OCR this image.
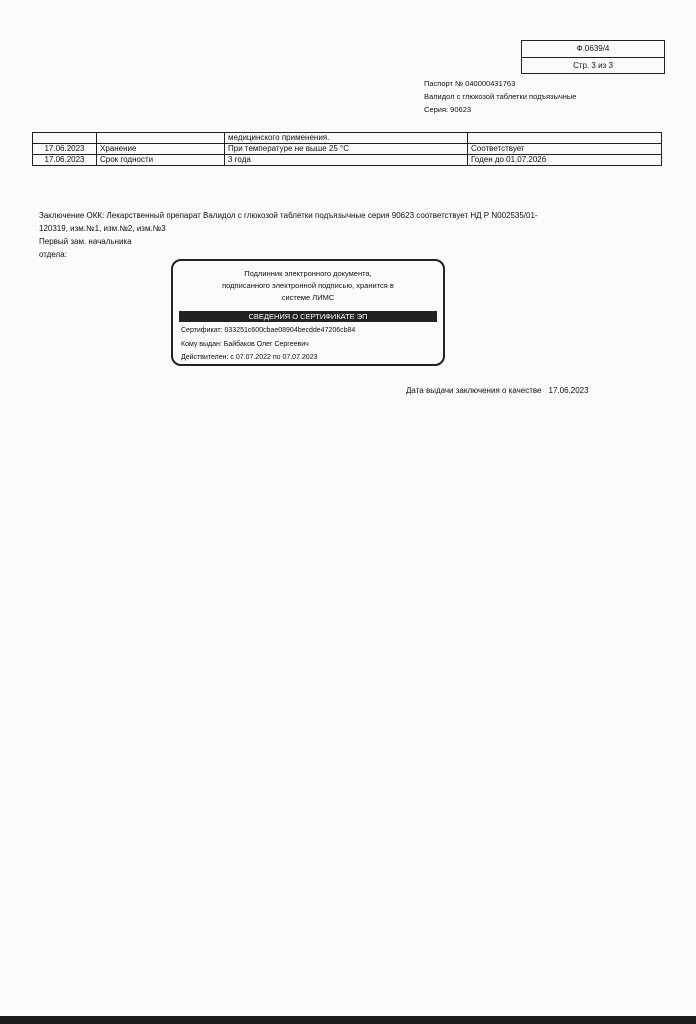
Ф.0639/4
Стр. 3 из 3
Паспорт № 040000431763
Валидол с глюкозой таблетки подъязычные
Серия: 90623
		медицинского применения.	
17.06.2023	Хранение	При температуре не выше 25 °С	Соответствует
17.06.2023	Срок годности	3 года	Годен до 01.07.2026
Заключение ОКК: Лекарственный препарат Валидол с глюкозой таблетки подъязычные серия 90623 соответствует НД Р N002535/01-120319, изм.№1, изм.№2, изм.№3
Первый зам. начальника
отдела:
Подлинник электронного документа,
подписанного электронной подписью, хранится в
системе ЛИМС
СВЕДЕНИЯ О СЕРТИФИКАТЕ ЭП
Сертификат: 033251c600cbae08904becdde47206cb84
Кому выдан: Байбаков Олег Сергеевич
Действителен: с 07.07.2022 по 07.07.2023
Дата выдачи заключения о качестве 17.06.2023
